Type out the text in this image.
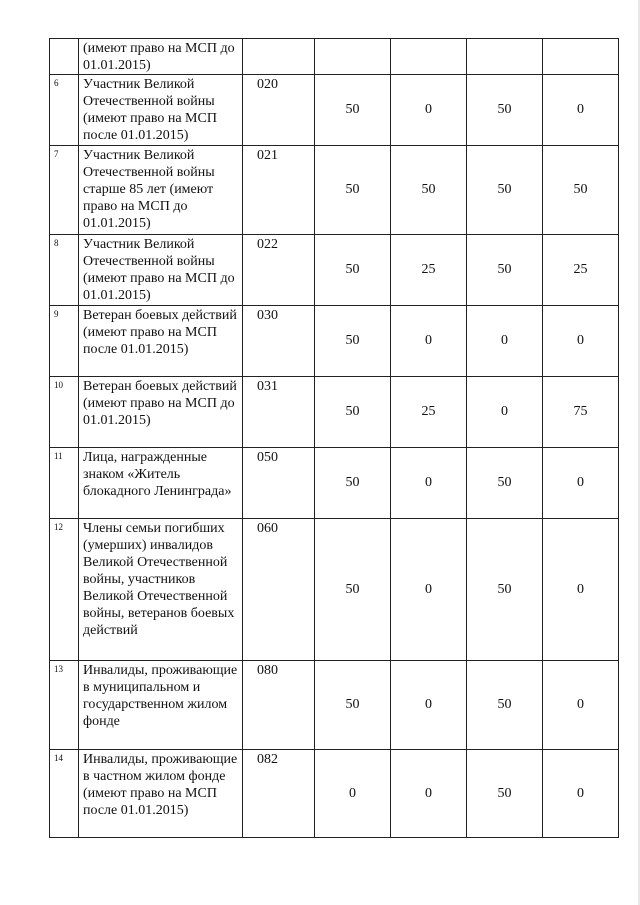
	(имеют право на МСП до 01.01.2015)					
6	Участник Великой Отечественной войны (имеют право на МСП после 01.01.2015)	020	50	0	50	0
7	Участник Великой Отечественной войны старше 85 лет (имеют право на МСП до 01.01.2015)	021	50	50	50	50
8	Участник Великой Отечественной войны (имеют право на МСП до 01.01.2015)	022	50	25	50	25
9	Ветеран боевых действий (имеют право на МСП после 01.01.2015)	030	50	0	0	0
10	Ветеран боевых действий (имеют право на МСП до 01.01.2015)	031	50	25	0	75
11	Лица, награжденные знаком «Житель блокадного Ленинграда»	050	50	0	50	0
12	Члены семьи погибших (умерших) инвалидов Великой Отечественной войны, участников Великой Отечественной войны, ветеранов боевых действий	060	50	0	50	0
13	Инвалиды, проживающие в муниципальном и государственном жилом фонде	080	50	0	50	0
14	Инвалиды, проживающие в частном жилом фонде (имеют право на МСП после 01.01.2015)	082	0	0	50	0
